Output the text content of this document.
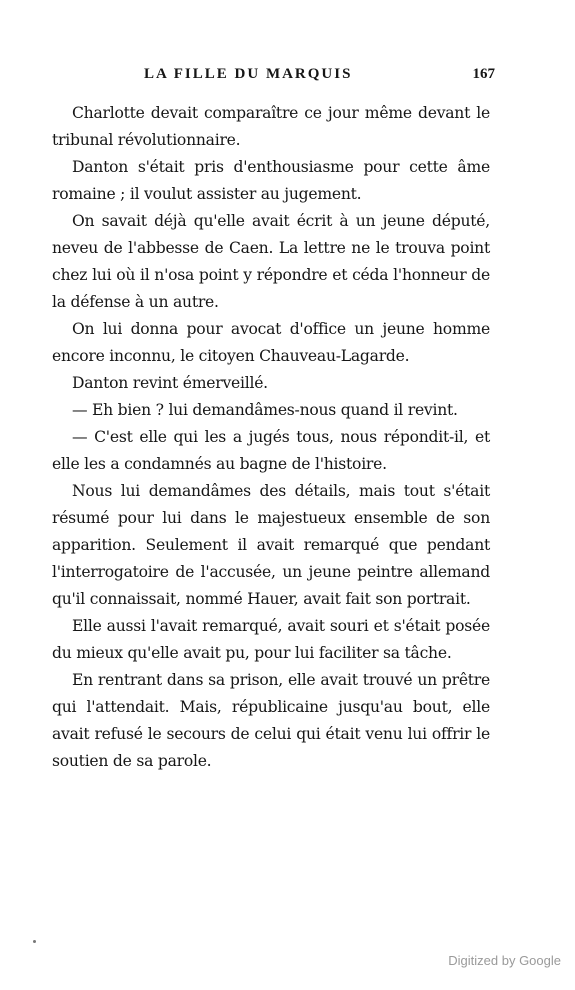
LA FILLE DU MARQUIS	167

Charlotte devait comparaître ce jour même devant le tribunal révolutionnaire.

Danton s'était pris d'enthousiasme pour cette âme romaine ; il voulut assister au jugement.

On savait déjà qu'elle avait écrit à un jeune député, neveu de l'abbesse de Caen. La lettre ne le trouva point chez lui où il n'osa point y répondre et céda l'honneur de la défense à un autre.

On lui donna pour avocat d'office un jeune homme encore inconnu, le citoyen Chauveau-Lagarde.

Danton revint émerveillé.

— Eh bien ? lui demandâmes-nous quand il revint.

— C'est elle qui les a jugés tous, nous répondit-il, et elle les a condamnés au bagne de l'histoire.

Nous lui demandâmes des détails, mais tout s'était résumé pour lui dans le majestueux ensemble de son apparition. Seulement il avait remarqué que pendant l'interrogatoire de l'accusée, un jeune peintre allemand qu'il connaissait, nommé Hauer, avait fait son portrait.

Elle aussi l'avait remarqué, avait souri et s'était posée du mieux qu'elle avait pu, pour lui faciliter sa tâche.

En rentrant dans sa prison, elle avait trouvé un prêtre qui l'attendait. Mais, républicaine jusqu'au bout, elle avait refusé le secours de celui qui était venu lui offrir le soutien de sa parole.

Digitized by Google
